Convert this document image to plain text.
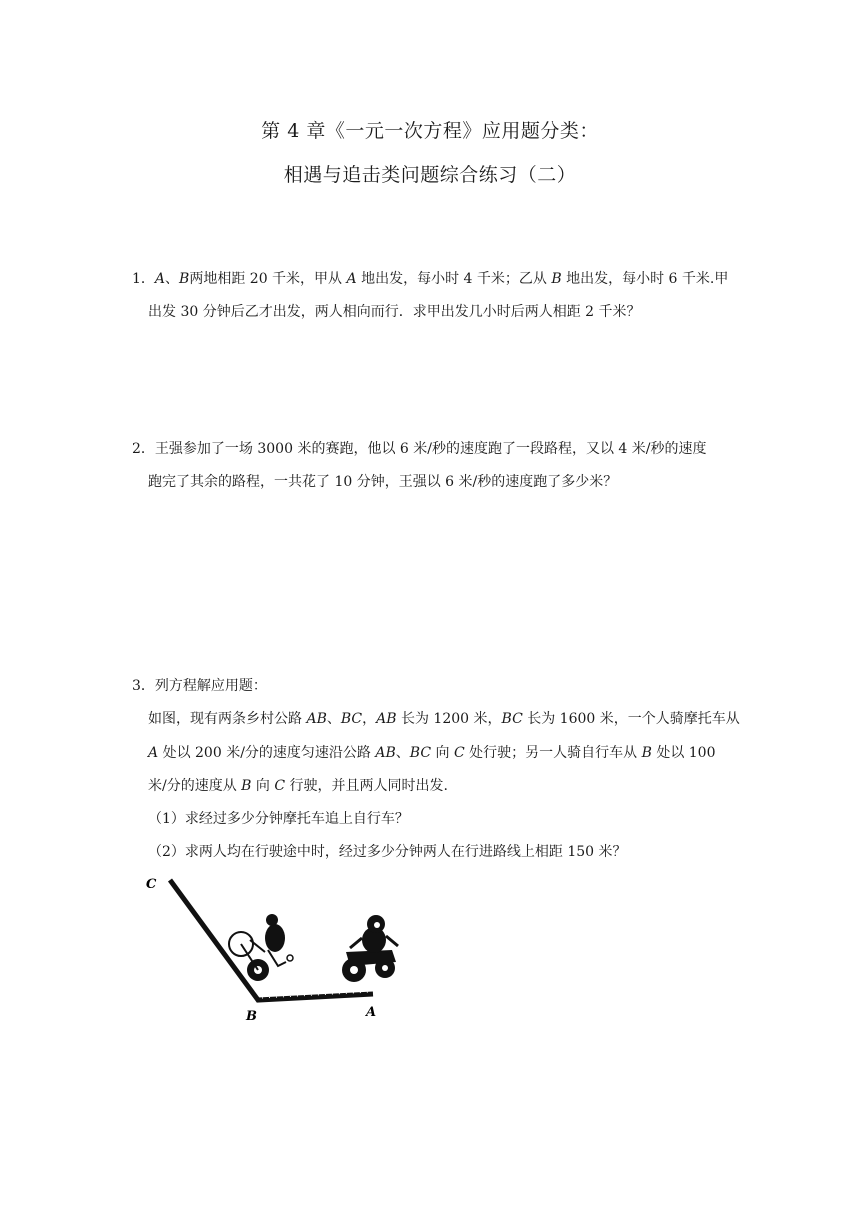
第 4 章《一元一次方程》应用题分类：
相遇与追击类问题综合练习（二）
1．A、B两地相距 20 千米，甲从 A 地出发，每小时 4 千米；乙从 B 地出发，每小时 6 千米.甲
出发 30 分钟后乙才出发，两人相向而行．求甲出发几小时后两人相距 2 千米？
2．王强参加了一场 3000 米的赛跑，他以 6 米/秒的速度跑了一段路程，又以 4 米/秒的速度
跑完了其余的路程，一共花了 10 分钟，王强以 6 米/秒的速度跑了多少米？
3．列方程解应用题：
如图，现有两条乡村公路 AB、BC，AB 长为 1200 米，BC 长为 1600 米，一个人骑摩托车从
A 处以 200 米/分的速度匀速沿公路 AB、BC 向 C 处行驶；另一人骑自行车从 B 处以 100
米/分的速度从 B 向 C 行驶，并且两人同时出发.
（1）求经过多少分钟摩托车追上自行车？
（2）求两人均在行驶途中时，经过多少分钟两人在行进路线上相距 150 米？
C
B	A
